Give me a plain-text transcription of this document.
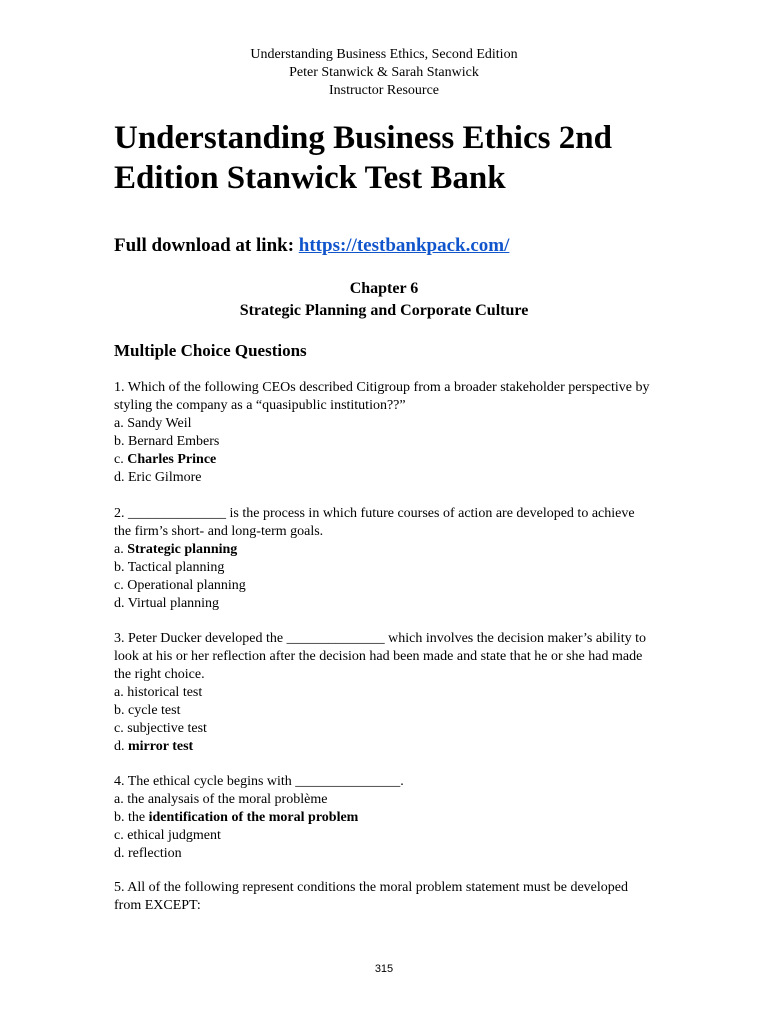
Understanding Business Ethics, Second Edition
Peter Stanwick & Sarah Stanwick
Instructor Resource
Understanding Business Ethics 2nd Edition Stanwick Test Bank
Full download at link: https://testbankpack.com/
Chapter 6
Strategic Planning and Corporate Culture
Multiple Choice Questions
1. Which of the following CEOs described Citigroup from a broader stakeholder perspective by styling the company as a “quasipublic institution??”
a. Sandy Weil
b. Bernard Embers
c. Charles Prince
d. Eric Gilmore
2. ______________ is the process in which future courses of action are developed to achieve the firm’s short- and long-term goals.
a. Strategic planning
b. Tactical planning
c. Operational planning
d. Virtual planning
3. Peter Ducker developed the ______________ which involves the decision maker’s ability to look at his or her reflection after the decision had been made and state that he or she had made the right choice.
a. historical test
b. cycle test
c. subjective test
d. mirror test
4. The ethical cycle begins with _______________.
a. the analysais of the moral problème
b. the identification of the moral problem
c. ethical judgment
d. reflection
5. All of the following represent conditions the moral problem statement must be developed from EXCEPT:
315
